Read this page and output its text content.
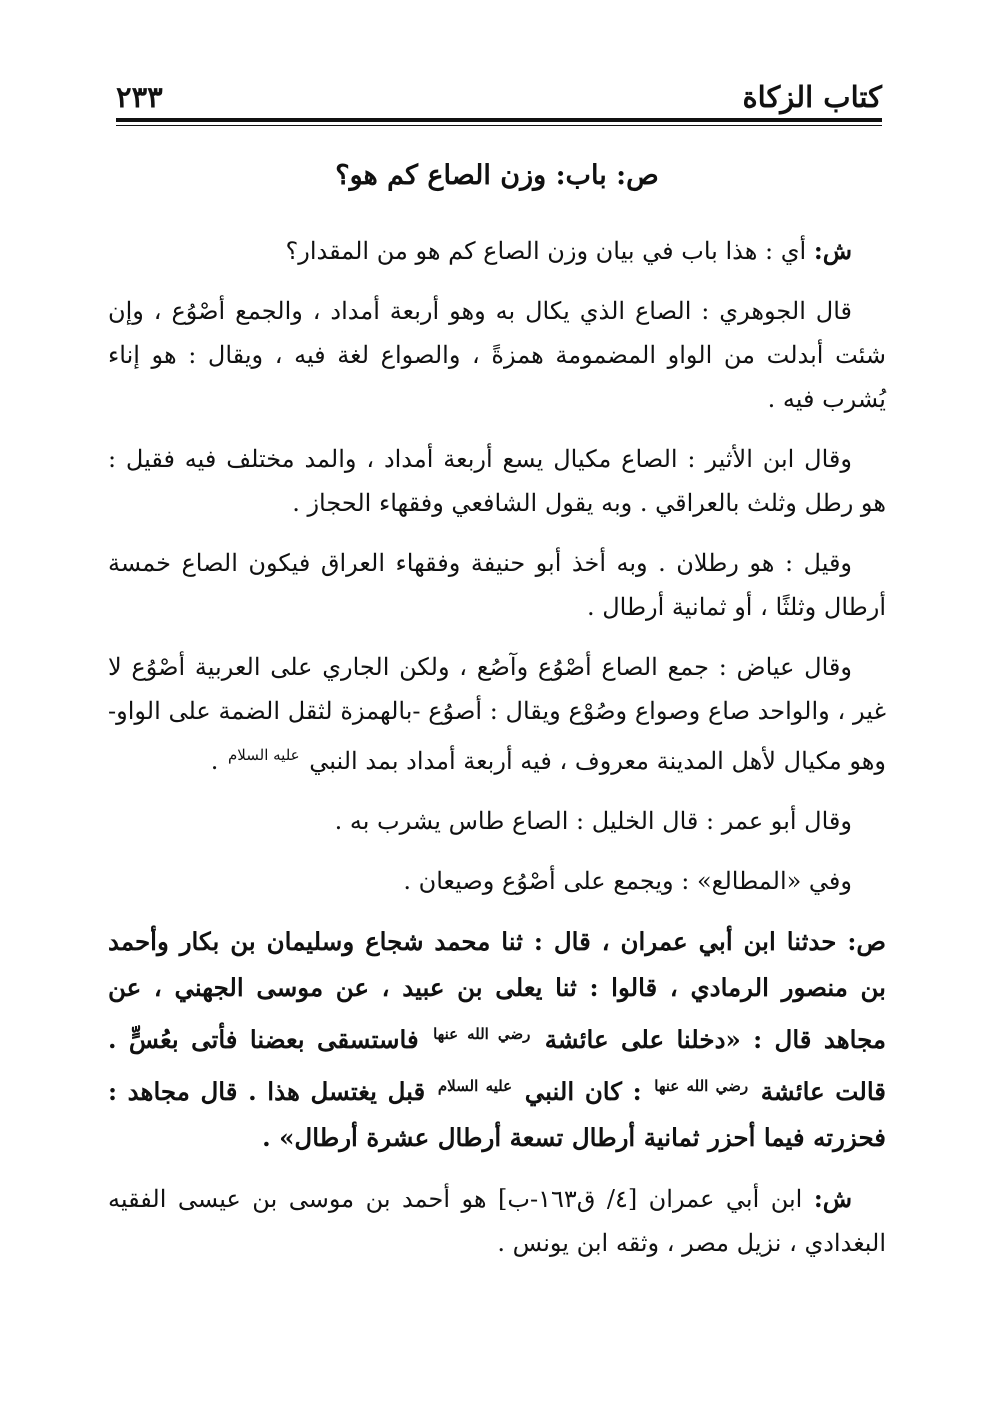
كتاب الزكاة
٢٣٣
ص: باب: وزن الصاع كم هو؟

ش: أي : هذا باب في بيان وزن الصاع كم هو من المقدار؟

قال الجوهري : الصاع الذي يكال به وهو أربعة أمداد ، والجمع أصْوُع ، وإن شئت أبدلت من الواو المضمومة همزةً ، والصواع لغة فيه ، ويقال : هو إناء يُشرب فيه .

وقال ابن الأثير : الصاع مكيال يسع أربعة أمداد ، والمد مختلف فيه فقيل : هو رطل وثلث بالعراقي . وبه يقول الشافعي وفقهاء الحجاز .

وقيل : هو رطلان . وبه أخذ أبو حنيفة وفقهاء العراق فيكون الصاع خمسة أرطال وثلثًا ، أو ثمانية أرطال .

وقال عياض : جمع الصاع أصْوُع وآصُع ، ولكن الجاري على العربية أصْوُع لا غير ، والواحد صاع وصواع وصُوْع ويقال : أصوُع -بالهمزة لثقل الضمة على الواو- وهو مكيال لأهل المدينة معروف ، فيه أربعة أمداد بمد النبي $^{عليه السلام}$ .

وقال أبو عمر : قال الخليل : الصاع طاس يشرب به .

وفي «المطالع» : ويجمع على أصْوُع وصيعان .

ص: حدثنا ابن أبي عمران ، قال : ثنا محمد شجاع وسليمان بن بكار وأحمد بن منصور الرمادي ، قالوا : ثنا يعلى بن عبيد ، عن موسى الجهني ، عن مجاهد قال : «دخلنا على عائشة $^{رضي الله عنها}$ فاستسقى بعضنا فأتى بعُسٍّ . قالت عائشة $^{رضي الله عنها}$ : كان النبي $^{عليه السلام}$ قبل يغتسل هذا . قال مجاهد : فحزرته فيما أحزر ثمانية أرطال تسعة أرطال عشرة أرطال» .

ش: ابن أبي عمران [٤/ ق١٦٣-ب] هو أحمد بن موسى بن عيسى الفقيه البغدادي ، نزيل مصر ، وثقه ابن يونس .
